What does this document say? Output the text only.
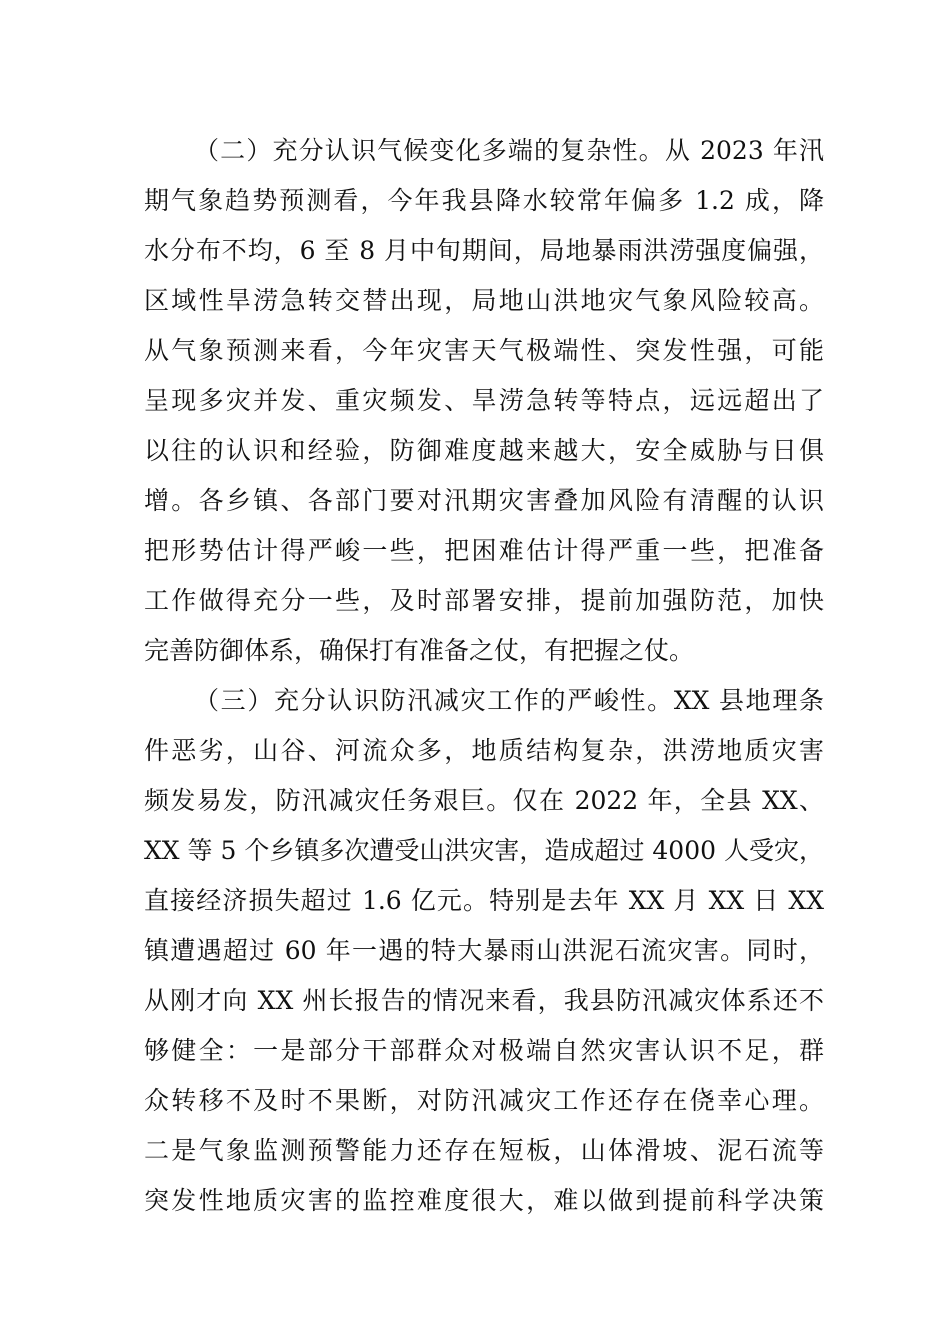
（二）充分认识气候变化多端的复杂性。从 2023 年汛
期气象趋势预测看，今年我县降水较常年偏多 1.2 成，降
水分布不均，6 至 8 月中旬期间，局地暴雨洪涝强度偏强，
区域性旱涝急转交替出现，局地山洪地灾气象风险较高。
从气象预测来看，今年灾害天气极端性、突发性强，可能
呈现多灾并发、重灾频发、旱涝急转等特点，远远超出了
以往的认识和经验，防御难度越来越大，安全威胁与日俱
增。各乡镇、各部门要对汛期灾害叠加风险有清醒的认识
把形势估计得严峻一些，把困难估计得严重一些，把准备
工作做得充分一些，及时部署安排，提前加强防范，加快
完善防御体系，确保打有准备之仗，有把握之仗。
（三）充分认识防汛减灾工作的严峻性。XX 县地理条
件恶劣，山谷、河流众多，地质结构复杂，洪涝地质灾害
频发易发，防汛减灾任务艰巨。仅在 2022 年，全县 XX、
XX 等 5 个乡镇多次遭受山洪灾害，造成超过 4000 人受灾，
直接经济损失超过 1.6 亿元。特别是去年 XX 月 XX 日 XX
镇遭遇超过 60 年一遇的特大暴雨山洪泥石流灾害。同时，
从刚才向 XX 州长报告的情况来看，我县防汛减灾体系还不
够健全：一是部分干部群众对极端自然灾害认识不足，群
众转移不及时不果断，对防汛减灾工作还存在侥幸心理。
二是气象监测预警能力还存在短板，山体滑坡、泥石流等
突发性地质灾害的监控难度很大，难以做到提前科学决策
